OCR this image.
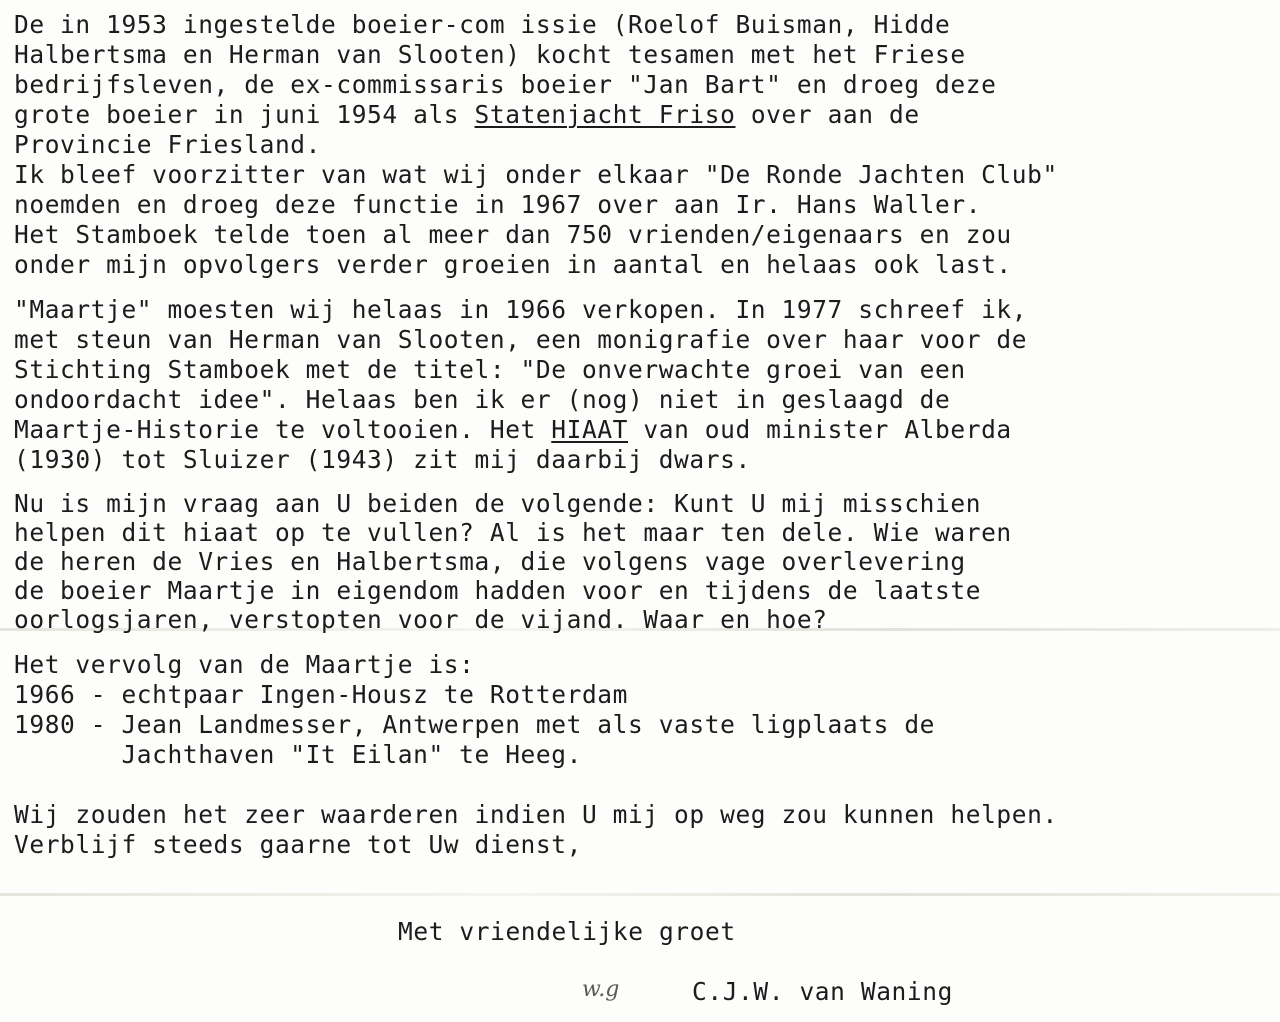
De in 1953 ingestelde boeier-com issie (Roelof Buisman, Hidde
Halbertsma en Herman van Slooten) kocht tesamen met het Friese
bedrijfsleven, de ex-commissaris boeier "Jan Bart" en droeg deze
grote boeier in juni 1954 als Statenjacht Friso over aan de
Provincie Friesland.
Ik bleef voorzitter van wat wij onder elkaar "De Ronde Jachten Club"
noemden en droeg deze functie in 1967 over aan Ir. Hans Waller.
Het Stamboek telde toen al meer dan 750 vrienden/eigenaars en zou
onder mijn opvolgers verder groeien in aantal en helaas ook last.
"Maartje" moesten wij helaas in 1966 verkopen. In 1977 schreef ik,
met steun van Herman van Slooten, een monigrafie over haar voor de
Stichting Stamboek met de titel: "De onverwachte groei van een
ondoordacht idee". Helaas ben ik er (nog) niet in geslaagd de
Maartje-Historie te voltooien. Het HIAAT van oud minister Alberda
(1930) tot Sluizer (1943) zit mij daarbij dwars.
Nu is mijn vraag aan U beiden de volgende: Kunt U mij misschien
helpen dit hiaat op te vullen? Al is het maar ten dele. Wie waren
de heren de Vries en Halbertsma, die volgens vage overlevering
de boeier Maartje in eigendom hadden voor en tijdens de laatste
oorlogsjaren, verstopten voor de vijand. Waar en hoe?
Het vervolg van de Maartje is:
1966 - echtpaar Ingen-Housz te Rotterdam
1980 - Jean Landmesser, Antwerpen met als vaste ligplaats de
Jachthaven "It Eilan" te Heeg.
Wij zouden het zeer waarderen indien U mij op weg zou kunnen helpen.
Verblijf steeds gaarne tot Uw dienst,
Met vriendelijke groet
w.g	C.J.W. van Waning
